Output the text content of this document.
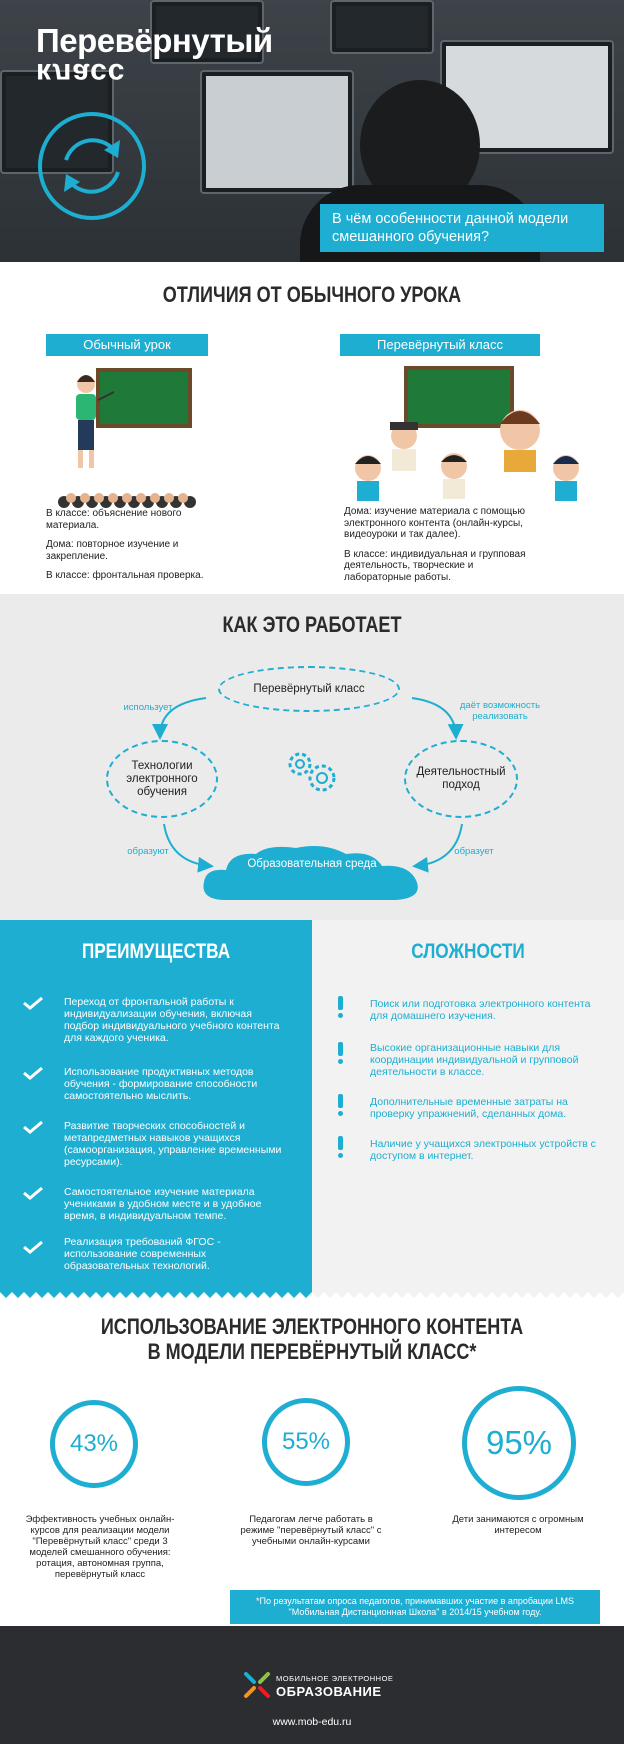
Перевёрнутый
класс
В чём особенности данной модели смешанного обучения?
ОТЛИЧИЯ ОТ ОБЫЧНОГО УРОКА
Обычный урок	Перевёрнутый класс

В классе: объяснение нового материала.

Дома: повторное изучение и закрепление.

В классе: фронтальная проверка.

Дома: изучение материала с помощью электронного контента (онлайн-курсы, видеоуроки и так далее).

В классе: индивидуальная и групповая деятельность, творческие и лабораторные работы.

КАК ЭТО РАБОТАЕТ
Перевёрнутый класс
Технологии электронного обучения
Деятельностный подход
Образовательная среда
использует	даёт возможность реализовать
образуют	образует
ПРЕИМУЩЕСТВА
Переход от фронтальной работы к индивидуализации обучения, включая подбор индивидуального учебного контента для каждого ученика.
Использование продуктивных методов обучения - формирование способности самостоятельно мыслить.
Развитие творческих способностей и метапредметных навыков учащихся (самоорганизация, управление временными ресурсами).
Самостоятельное изучение материала учениками в удобном месте и в удобное время, в индивидуальном темпе.
Реализация требований ФГОС - использование современных образовательных технологий.
СЛОЖНОСТИ
Поиск или подготовка электронного контента для домашнего изучения.
Высокие организационные навыки для координации индивидуальной и групповой деятельности в классе.
Дополнительные временные затраты на проверку упражнений, сделанных дома.
Наличие у учащихся электронных устройств с доступом в интернет.
ИСПОЛЬЗОВАНИЕ ЭЛЕКТРОННОГО КОНТЕНТА
В МОДЕЛИ ПЕРЕВЁРНУТЫЙ КЛАСС*
43%	55%	95%
Эффективность учебных онлайн-курсов для реализации модели "Перевёрнутый класс" среди 3 моделей смешанного обучения: ротация, автономная группа, перевёрнутый класс
Педагогам легче работать в режиме "перевёрнутый класс" с учебными онлайн-курсами
Дети занимаются с огромным интересом
*По результатам опроса педагогов, принимавших участие в апробации LMS "Мобильная Дистанционная Школа" в 2014/15 учебном году.
МОБИЛЬНОЕ ЭЛЕКТРОННОЕ
ОБРАЗОВАНИЕ
www.mob-edu.ru
